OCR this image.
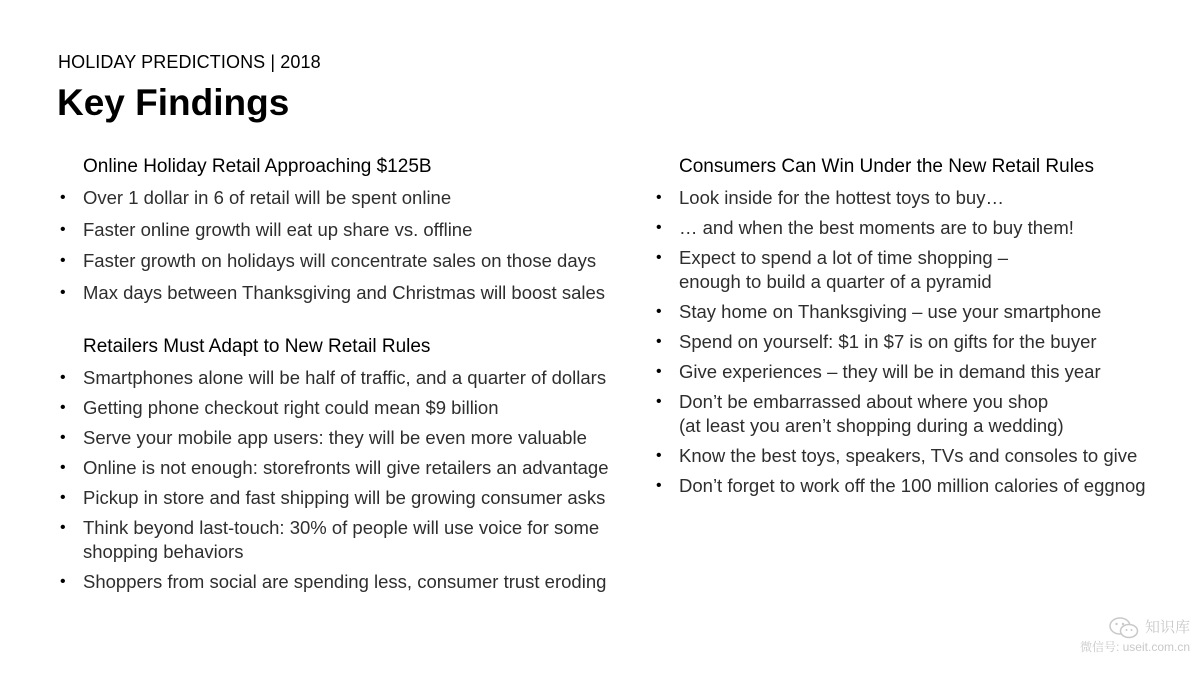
HOLIDAY PREDICTIONS | 2018
Key Findings
Online Holiday Retail Approaching $125B
• Over 1 dollar in 6 of retail will be spent online
• Faster online growth will eat up share vs. offline
• Faster growth on holidays will concentrate sales on those days
• Max days between Thanksgiving and Christmas will boost sales
Retailers Must Adapt to New Retail Rules
• Smartphones alone will be half of traffic, and a quarter of dollars
• Getting phone checkout right could mean $9 billion
• Serve your mobile app users: they will be even more valuable
• Online is not enough: storefronts will give retailers an advantage
• Pickup in store and fast shipping will be growing consumer asks
• Think beyond last-touch: 30% of people will use voice for some
shopping behaviors
• Shoppers from social are spending less, consumer trust eroding
Consumers Can Win Under the New Retail Rules
• Look inside for the hottest toys to buy…
• … and when the best moments are to buy them!
• Expect to spend a lot of time shopping –
enough to build a quarter of a pyramid
• Stay home on Thanksgiving – use your smartphone
• Spend on yourself: $1 in $7 is on gifts for the buyer
• Give experiences – they will be in demand this year
• Don’t be embarrassed about where you shop
(at least you aren’t shopping during a wedding)
• Know the best toys, speakers, TVs and consoles to give
• Don’t forget to work off the 100 million calories of eggnog
知识库
微信号: useit.com.cn
